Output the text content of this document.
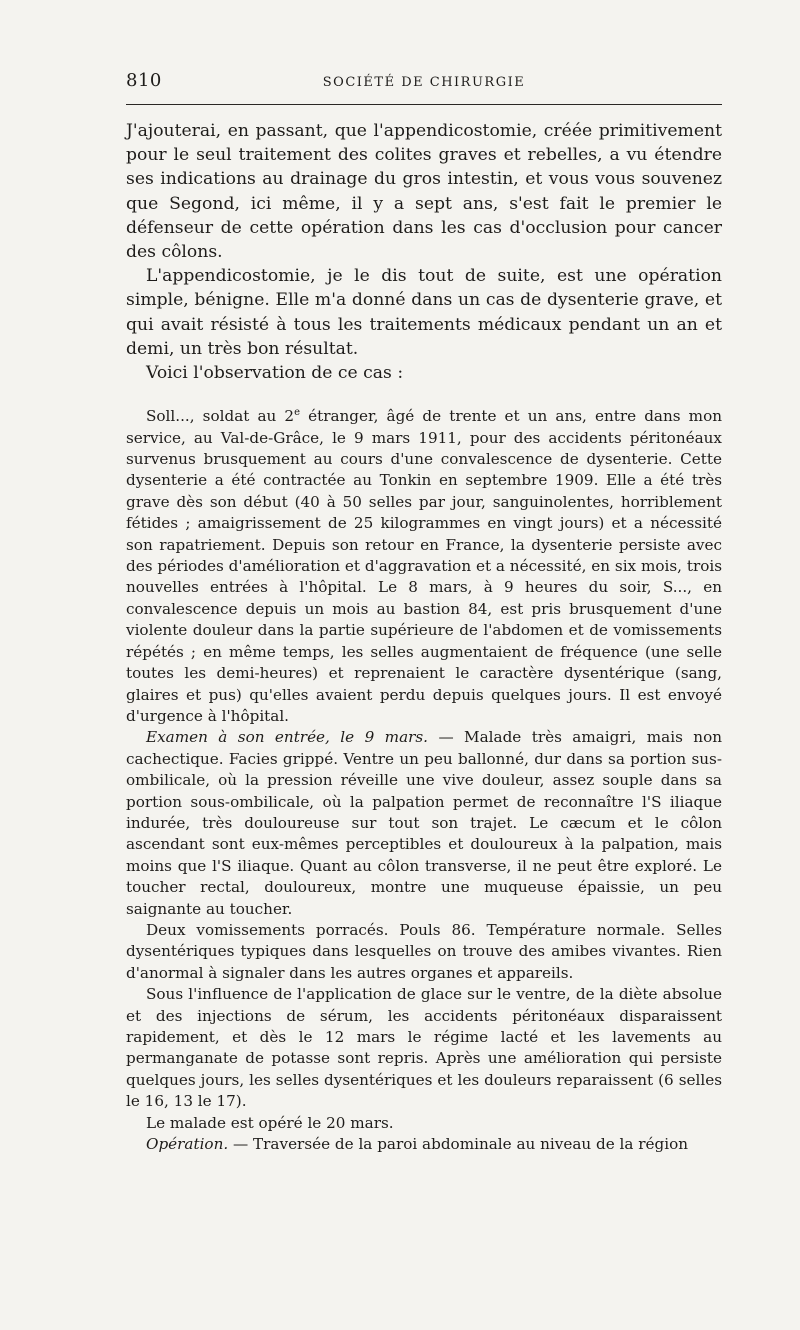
810	SOCIÉTÉ DE CHIRURGIE

J'ajouterai, en passant, que l'appendicostomie, créée primitivement pour le seul traitement des colites graves et rebelles, a vu étendre ses indications au drainage du gros intestin, et vous vous souvenez que Segond, ici même, il y a sept ans, s'est fait le premier le défenseur de cette opération dans les cas d'occlusion pour cancer des côlons.

L'appendicostomie, je le dis tout de suite, est une opération simple, bénigne. Elle m'a donné dans un cas de dysenterie grave, et qui avait résisté à tous les traitements médicaux pendant un an et demi, un très bon résultat.

Voici l'observation de ce cas :

Soll..., soldat au 2e étranger, âgé de trente et un ans, entre dans mon service, au Val-de-Grâce, le 9 mars 1911, pour des accidents péritonéaux survenus brusquement au cours d'une convalescence de dysenterie. Cette dysenterie a été contractée au Tonkin en septembre 1909. Elle a été très grave dès son début (40 à 50 selles par jour, sanguinolentes, horriblement fétides ; amaigrissement de 25 kilogrammes en vingt jours) et a nécessité son rapatriement. Depuis son retour en France, la dysenterie persiste avec des périodes d'amélioration et d'aggravation et a nécessité, en six mois, trois nouvelles entrées à l'hôpital. Le 8 mars, à 9 heures du soir, S..., en convalescence depuis un mois au bastion 84, est pris brusquement d'une violente douleur dans la partie supérieure de l'abdomen et de vomissements répétés ; en même temps, les selles augmentaient de fréquence (une selle toutes les demi-heures) et reprenaient le caractère dysentérique (sang, glaires et pus) qu'elles avaient perdu depuis quelques jours. Il est envoyé d'urgence à l'hôpital.

Examen à son entrée, le 9 mars. — Malade très amaigri, mais non cachectique. Facies grippé. Ventre un peu ballonné, dur dans sa portion sus-ombilicale, où la pression réveille une vive douleur, assez souple dans sa portion sous-ombilicale, où la palpation permet de reconnaître l'S iliaque indurée, très douloureuse sur tout son trajet. Le cæcum et le côlon ascendant sont eux-mêmes perceptibles et douloureux à la palpation, mais moins que l'S iliaque. Quant au côlon transverse, il ne peut être exploré. Le toucher rectal, douloureux, montre une muqueuse épaissie, un peu saignante au toucher.

Deux vomissements porracés. Pouls 86. Température normale. Selles dysentériques typiques dans lesquelles on trouve des amibes vivantes. Rien d'anormal à signaler dans les autres organes et appareils.

Sous l'influence de l'application de glace sur le ventre, de la diète absolue et des injections de sérum, les accidents péritonéaux disparaissent rapidement, et dès le 12 mars le régime lacté et les lavements au permanganate de potasse sont repris. Après une amélioration qui persiste quelques jours, les selles dysentériques et les douleurs reparaissent (6 selles le 16, 13 le 17).

Le malade est opéré le 20 mars.

Opération. — Traversée de la paroi abdominale au niveau de la région
